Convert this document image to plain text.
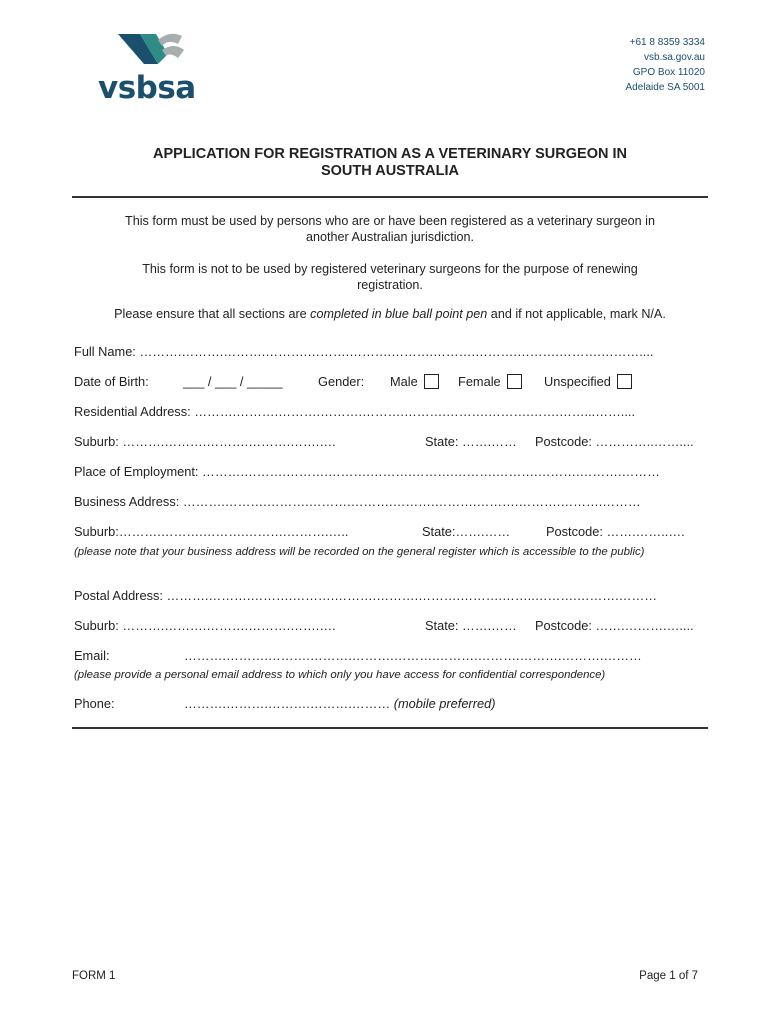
vsbsa
+61 8 8359 3334
vsb.sa.gov.au
GPO Box 11020
Adelaide SA 5001
APPLICATION FOR REGISTRATION AS A VETERINARY SURGEON IN
SOUTH AUSTRALIA
This form must be used by persons who are or have been registered as a veterinary surgeon in another Australian jurisdiction.
This form is not to be used by registered veterinary surgeons for the purpose of renewing registration.
Please ensure that all sections are completed in blue ball point pen and if not applicable, mark N/A.
Full Name: ……….……….……….……….……….……….……….……….……….……….……….………....
Date of Birth:	___ / ___ / _____	Gender: Male	Female	Unspecified
Residential Address: ……….……….……….……….……….……….……….……….…….……...……....
Suburb: ……….……….……….……….…….….	State: …….…… Postcode: …………..……....
Place of Employment: ……….……….……….……….……….……….……….……….……….……….………
Business Address: ……….……….……….……….……….……….……….……….……….……….………
Suburb:……….……….……….……….……….…..	State:…….……	Postcode: …….……..….
(please note that your business address will be recorded on the general register which is accessible to the public)
Postal Address: ……….……….……….……….……….……….……….……….……..……….……….………
Suburb: ……….……….……….……….…….….	State: …….…… Postcode: …….……….…....
Email:	……….……….……….……….……….……….……….……….……….……….………
(please provide a personal email address to which only you have access for confidential correspondence)
Phone:	……….……….……….……….……… (mobile preferred)
FORM 1	Page 1 of 7
